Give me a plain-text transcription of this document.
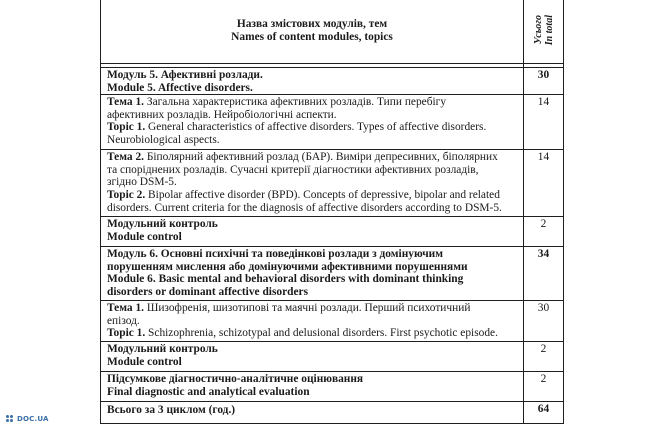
Назва змістових модулів, тем
Names of content modules, topics	Усього In total

Модуль 5. Афективні розлади.
Module 5. Affective disorders.	30

Тема 1. Загальна характеристика афективних розладів. Типи перебігу
афективних розладів. Нейробіологічні аспекти.
Topic 1. General characteristics of affective disorders. Types of affective disorders.
Neurobiological aspects.	14

Тема 2. Біполярний афективний розлад (БАР). Виміри депресивних, біполярних
та споріднених розладів. Сучасні критерії діагностики афективних розладів,
згідно DSM-5.
Topic 2. Bipolar affective disorder (BPD). Concepts of depressive, bipolar and related
disorders. Current criteria for the diagnosis of affective disorders according to DSM-5.	14

Модульний контроль
Module control	2

Модуль 6. Основні психічні та поведінкові розлади з домінуючим
порушенням мислення або домінуючими афективними порушеннями
Module 6. Basic mental and behavioral disorders with dominant thinking
disorders or dominant affective disorders	34

Тема 1. Шизофренія, шизотипові та маячні розлади. Перший психотичний
епізод.
Topic 1. Schizophrenia, schizotypal and delusional disorders. First psychotic episode.	30

Модульний контроль
Module control	2

Підсумкове діагностично-аналітичне оцінювання
Final diagnostic and analytical evaluation	2

Всього за 3 циклом (год.)	64
DOC.UA
